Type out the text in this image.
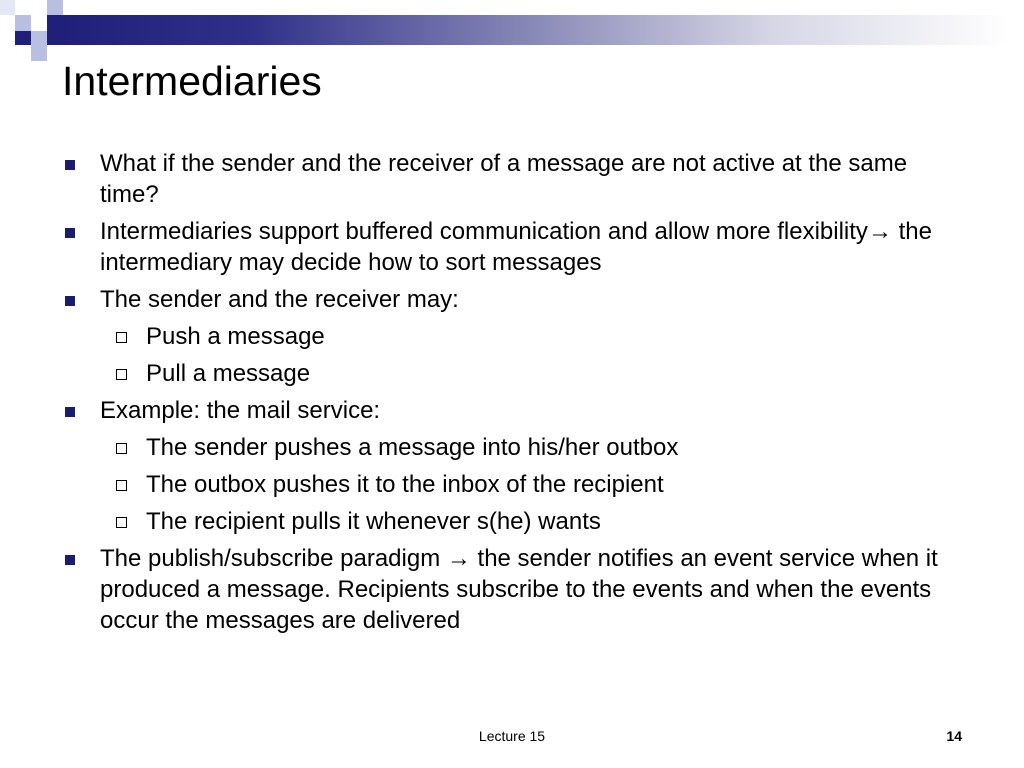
Intermediaries
What if the sender and the receiver of a message are not active at the same time?
Intermediaries support buffered communication and allow more flexibility→ the intermediary may decide how to sort messages
The sender and the receiver may:
Push a message
Pull a message
Example: the mail service:
The sender pushes a message into his/her outbox
The outbox pushes it to the inbox of the recipient
The recipient pulls it whenever s(he) wants
The publish/subscribe paradigm → the sender notifies an event service when it produced a message. Recipients subscribe to the events and when the events occur the messages are delivered
Lecture 15	14
